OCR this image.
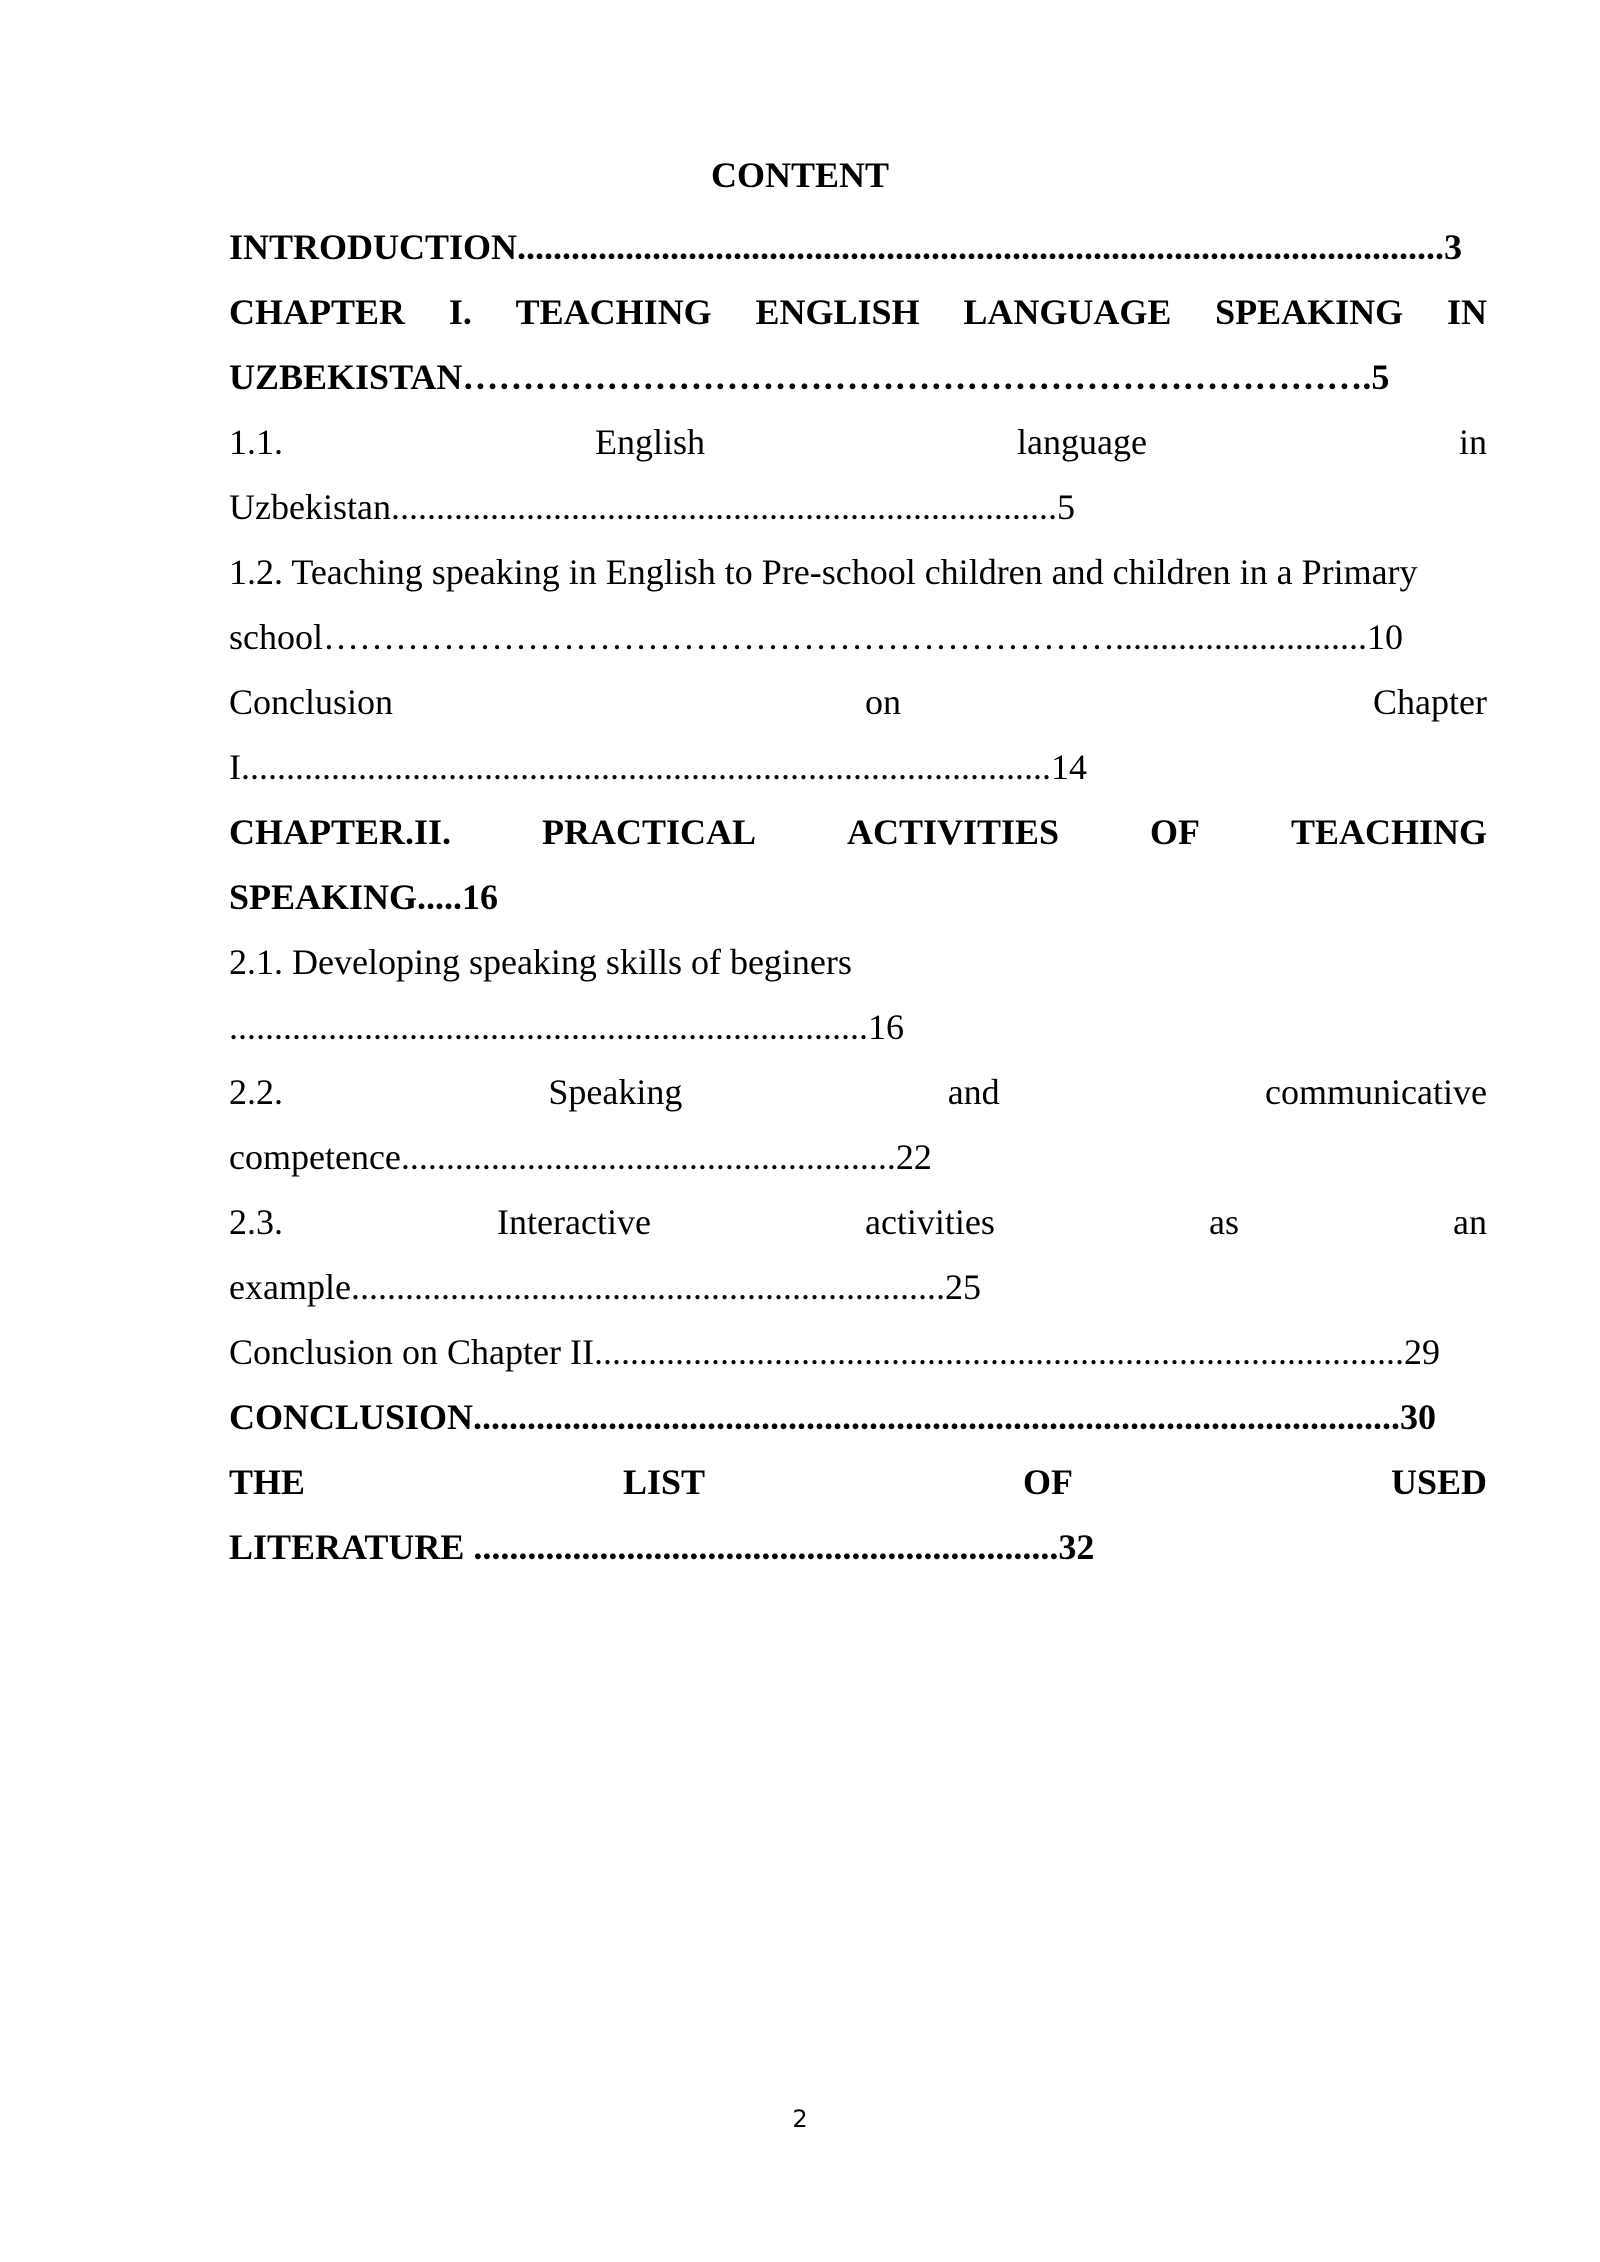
CONTENT
INTRODUCTION.......................................................................................................3
CHAPTER I. TEACHING ENGLISH LANGUAGE SPEAKING IN
UZBEKISTAN………………………………………………………………….5
1.1.	English	language	in
Uzbekistan..........................................................................5
1.2. Teaching speaking in English to Pre-school children and children in a Primary
school…………………………………………………………............................10
Conclusion	on	Chapter
I..........................................................................................14
CHAPTER.II.	PRACTICAL	ACTIVITIES	OF	TEACHING
SPEAKING.....16
2.1. Developing speaking skills of beginers
.......................................................................16
2.2.	Speaking	and	communicative
competence.......................................................22
2.3.	Interactive	activities	as	an
example..................................................................25
Conclusion on Chapter II..........................................................................................29
CONCLUSION.......................................................................................................30
THE	LIST	OF	USED
LITERATURE .................................................................32
2
